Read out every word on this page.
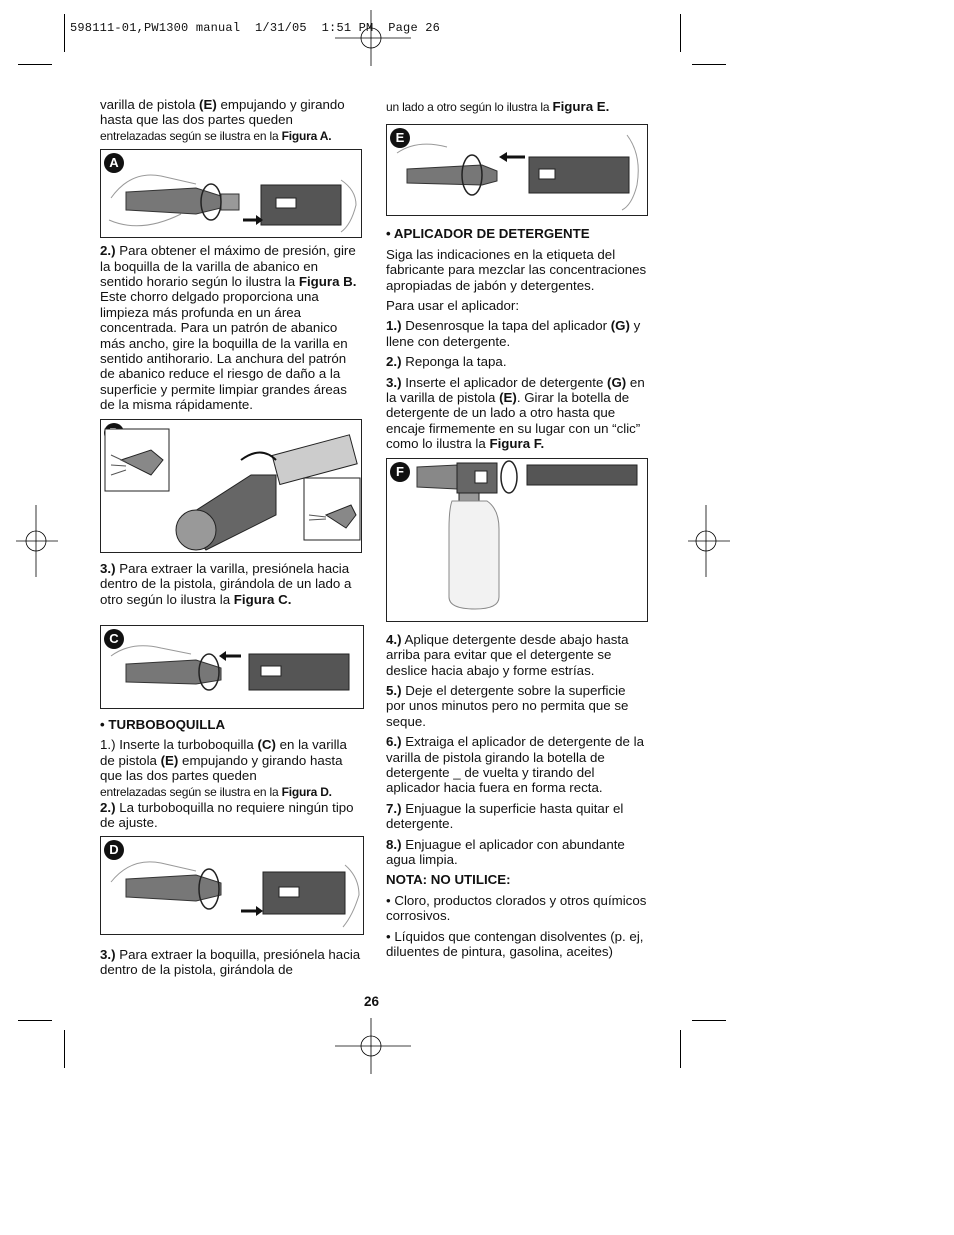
598111-01,PW1300 manual  1/31/05  1:51 PM  Page 26

varilla de pistola (E) empujando y girando hasta que las dos partes queden
entrelazadas según se ilustra en la Figura A.

A

2.) Para obtener el máximo de presión, gire la boquilla de la varilla de abanico en sentido horario según lo ilustra la Figura B. Este chorro delgado proporciona una limpieza más profunda en un área concentrada. Para un patrón de abanico más ancho, gire la boquilla de la varilla en sentido antihorario. La anchura del patrón de abanico reduce el riesgo de daño a la superficie y permite limpiar grandes áreas de la misma rápidamente.

3.) Para extraer la varilla, presiónela hacia dentro de la pistola, girándola de un lado a otro según lo ilustra la Figura C.

C

• TURBOBOQUILLA

1.) Inserte la turboboquilla (C) en la varilla de pistola (E) empujando y girando hasta que las dos partes queden
entrelazadas según se ilustra en la Figura D.

2.) La turboboquilla no requiere ningún tipo de ajuste.

D

3.) Para extraer la boquilla, presiónela hacia dentro de la pistola, girándola de

un lado a otro según lo ilustra la Figura E.

E

• APLICADOR DE DETERGENTE

Siga las indicaciones en la etiqueta del fabricante para mezclar las concentraciones apropiadas de jabón y detergentes.

Para usar el aplicador:

1.) Desenrosque la tapa del aplicador (G) y llene con detergente.

2.) Reponga la tapa.

3.) Inserte el aplicador de detergente (G) en la varilla de pistola (E). Girar la botella de detergente de un lado a otro hasta que encaje firmemente en su lugar con un “clic” como lo ilustra la Figura F.

F

4.) Aplique detergente desde abajo hasta arriba para evitar que el detergente se deslice hacia abajo y forme estrías.

5.) Deje el detergente sobre la superficie por unos minutos pero no permita que se seque.

6.) Extraiga el aplicador de detergente de la varilla de pistola girando la botella de detergente _ de vuelta y tirando del aplicador hacia fuera en forma recta.

7.) Enjuague la superficie hasta quitar el detergente.

8.) Enjuague el aplicador con abundante agua limpia.

NOTA: NO UTILICE:

• Cloro, productos clorados y otros químicos corrosivos.

• Líquidos que contengan disolventes (p. ej, diluentes de pintura, gasolina, aceites)

26
